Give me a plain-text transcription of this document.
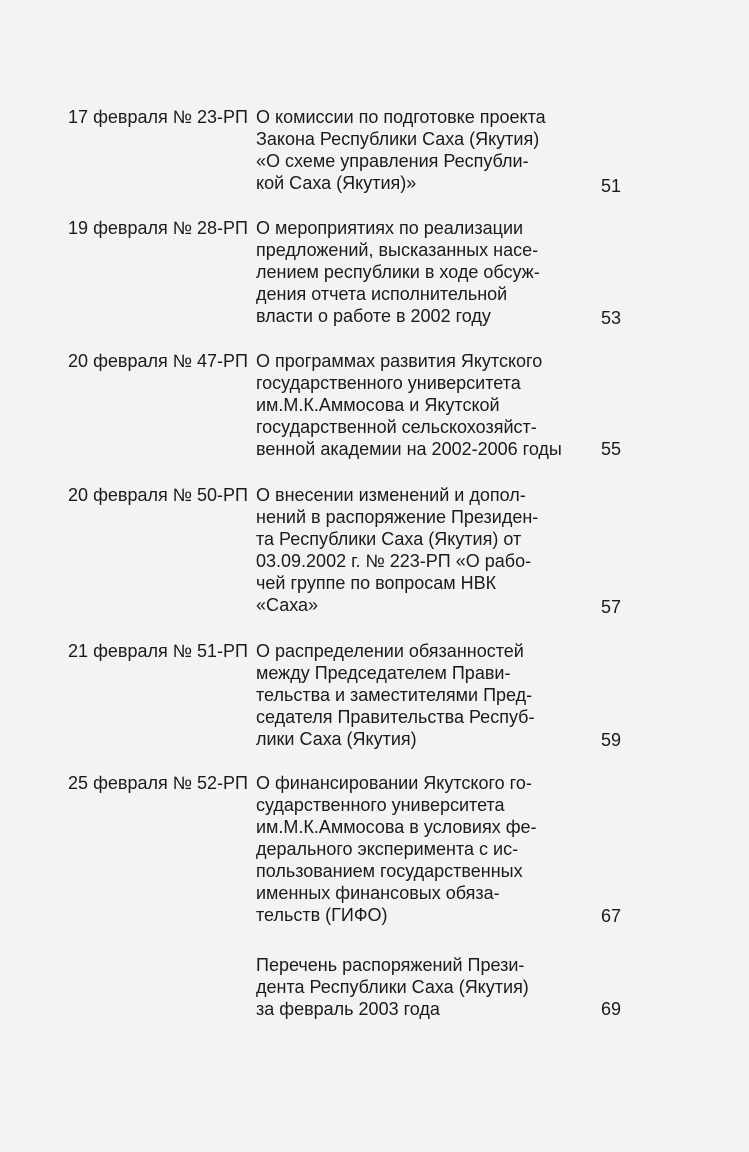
17 февраля № 23-РП О комиссии по подготовке проекта
Закона Республики Саха (Якутия)
«О схеме управления Республи-
кой Саха (Якутия)»	51
19 февраля № 28-РП О мероприятиях по реализации
предложений, высказанных насе-
лением республики в ходе обсуж-
дения отчета исполнительной
власти о работе в 2002 году	53
20 февраля № 47-РП О программах развития Якутского
государственного университета
им.М.К.Аммосова и Якутской
государственной сельскохозяйст-
венной академии на 2002-2006 годы	55
20 февраля № 50-РП О внесении изменений и допол-
нений в распоряжение Президен-
та Республики Саха (Якутия) от
03.09.2002 г. № 223-РП «О рабо-
чей группе по вопросам НВК
«Саха»	57
21 февраля № 51-РП О распределении обязанностей
между Председателем Прави-
тельства и заместителями Пред-
седателя Правительства Респуб-
лики Саха (Якутия)	59
25 февраля № 52-РП О финансировании Якутского го-
сударственного университета
им.М.К.Аммосова в условиях фе-
дерального эксперимента с ис-
пользованием государственных
именных финансовых обяза-
тельств (ГИФО)	67
Перечень распоряжений Прези-
дента Республики Саха (Якутия)
за февраль 2003 года	69
